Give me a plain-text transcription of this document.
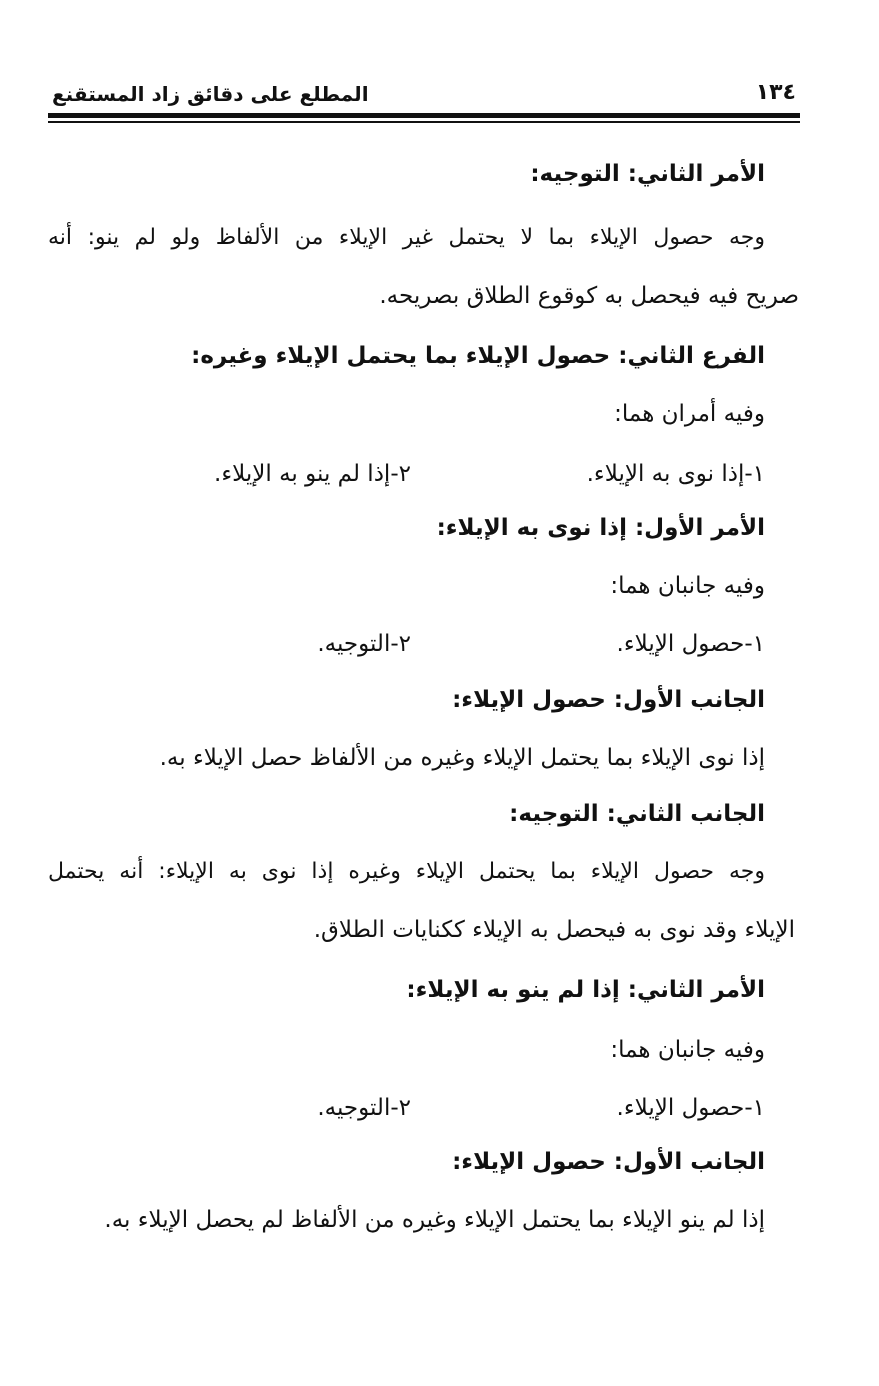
١٣٤
المطلع على دقائق زاد المستقنع
الأمر الثاني: التوجيه:
وجه حصول الإيلاء بما لا يحتمل غير الإيلاء من الألفاظ ولو لم ينو: أنه
صريح فيه فيحصل به كوقوع الطلاق بصريحه.
الفرع الثاني: حصول الإيلاء بما يحتمل الإيلاء وغيره:
وفيه أمران هما:
١-إذا نوى به الإيلاء.
٢-إذا لم ينو به الإيلاء.
الأمر الأول: إذا نوى به الإيلاء:
وفيه جانبان هما:
١-حصول الإيلاء.
٢-التوجيه.
الجانب الأول: حصول الإيلاء:
إذا نوى الإيلاء بما يحتمل الإيلاء وغيره من الألفاظ حصل الإيلاء به.
الجانب الثاني: التوجيه:
وجه حصول الإيلاء بما يحتمل الإيلاء وغيره إذا نوى به الإيلاء: أنه يحتمل
الإيلاء وقد نوى به فيحصل به الإيلاء ككنايات الطلاق.
الأمر الثاني: إذا لم ينو به الإيلاء:
وفيه جانبان هما:
١-حصول الإيلاء.
٢-التوجيه.
الجانب الأول: حصول الإيلاء:
إذا لم ينو الإيلاء بما يحتمل الإيلاء وغيره من الألفاظ لم يحصل الإيلاء به.
